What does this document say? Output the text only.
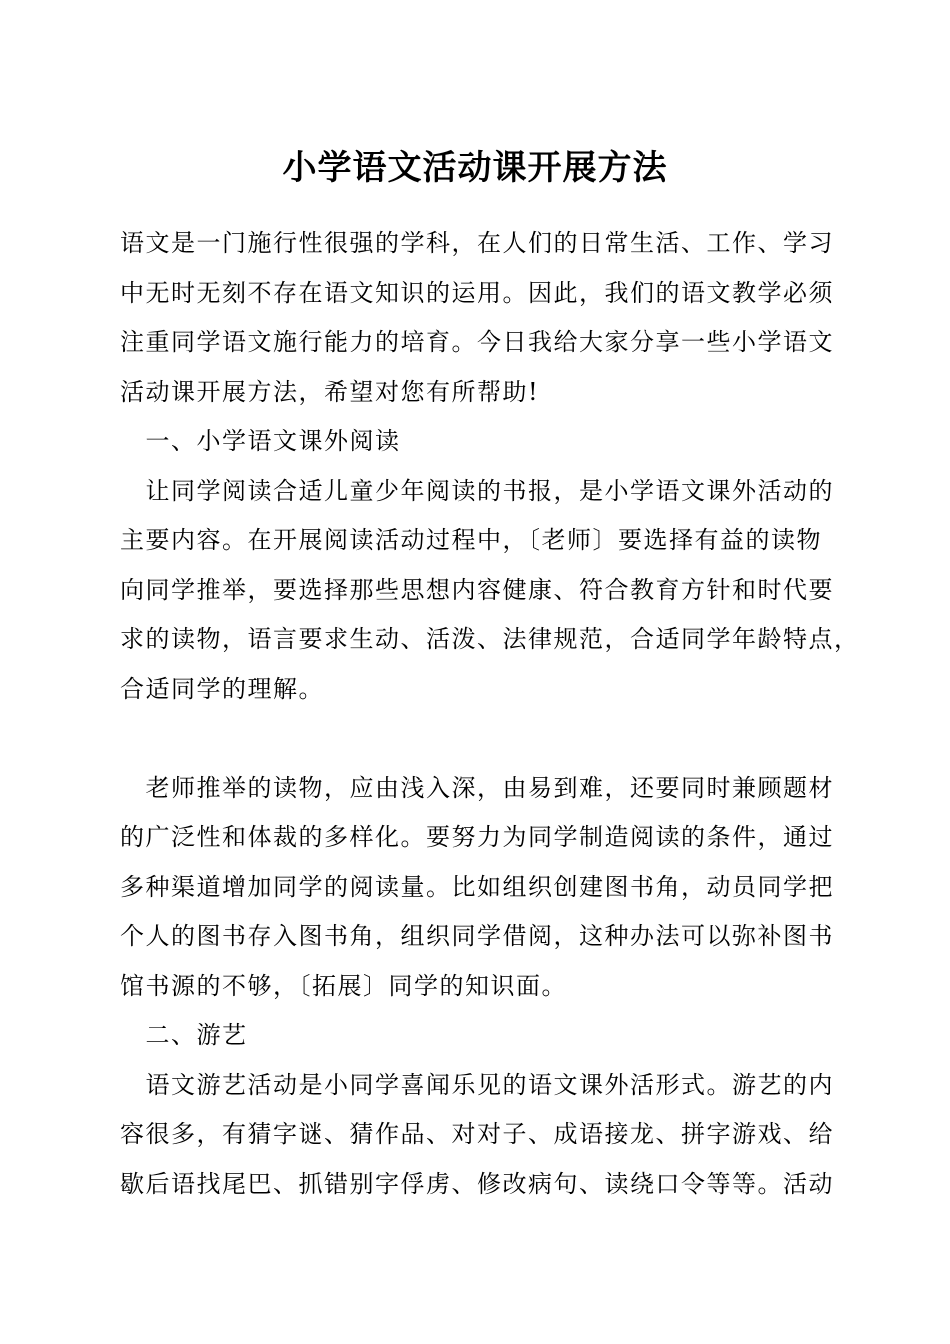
小学语文活动课开展方法
语文是一门施行性很强的学科，在人们的日常生活、工作、学习
中无时无刻不存在语文知识的运用。因此，我们的语文教学必须
注重同学语文施行能力的培育。今日我给大家分享一些小学语文
活动课开展方法，希望对您有所帮助!
　一、小学语文课外阅读
　让同学阅读合适儿童少年阅读的书报，是小学语文课外活动的
主要内容。在开展阅读活动过程中，〔老师〕要选择有益的读物
向同学推举，要选择那些思想内容健康、符合教育方针和时代要
求的读物，语言要求生动、活泼、法律规范，合适同学年龄特点，
合适同学的理解。
　老师推举的读物，应由浅入深，由易到难，还要同时兼顾题材
的广泛性和体裁的多样化。要努力为同学制造阅读的条件，通过
多种渠道增加同学的阅读量。比如组织创建图书角，动员同学把
个人的图书存入图书角，组织同学借阅，这种办法可以弥补图书
馆书源的不够，〔拓展〕同学的知识面。
　二、游艺
　语文游艺活动是小同学喜闻乐见的语文课外活形式。游艺的内
容很多，有猜字谜、猜作品、对对子、成语接龙、拼字游戏、给
歇后语找尾巴、抓错别字俘虏、修改病句、读绕口令等等。活动
